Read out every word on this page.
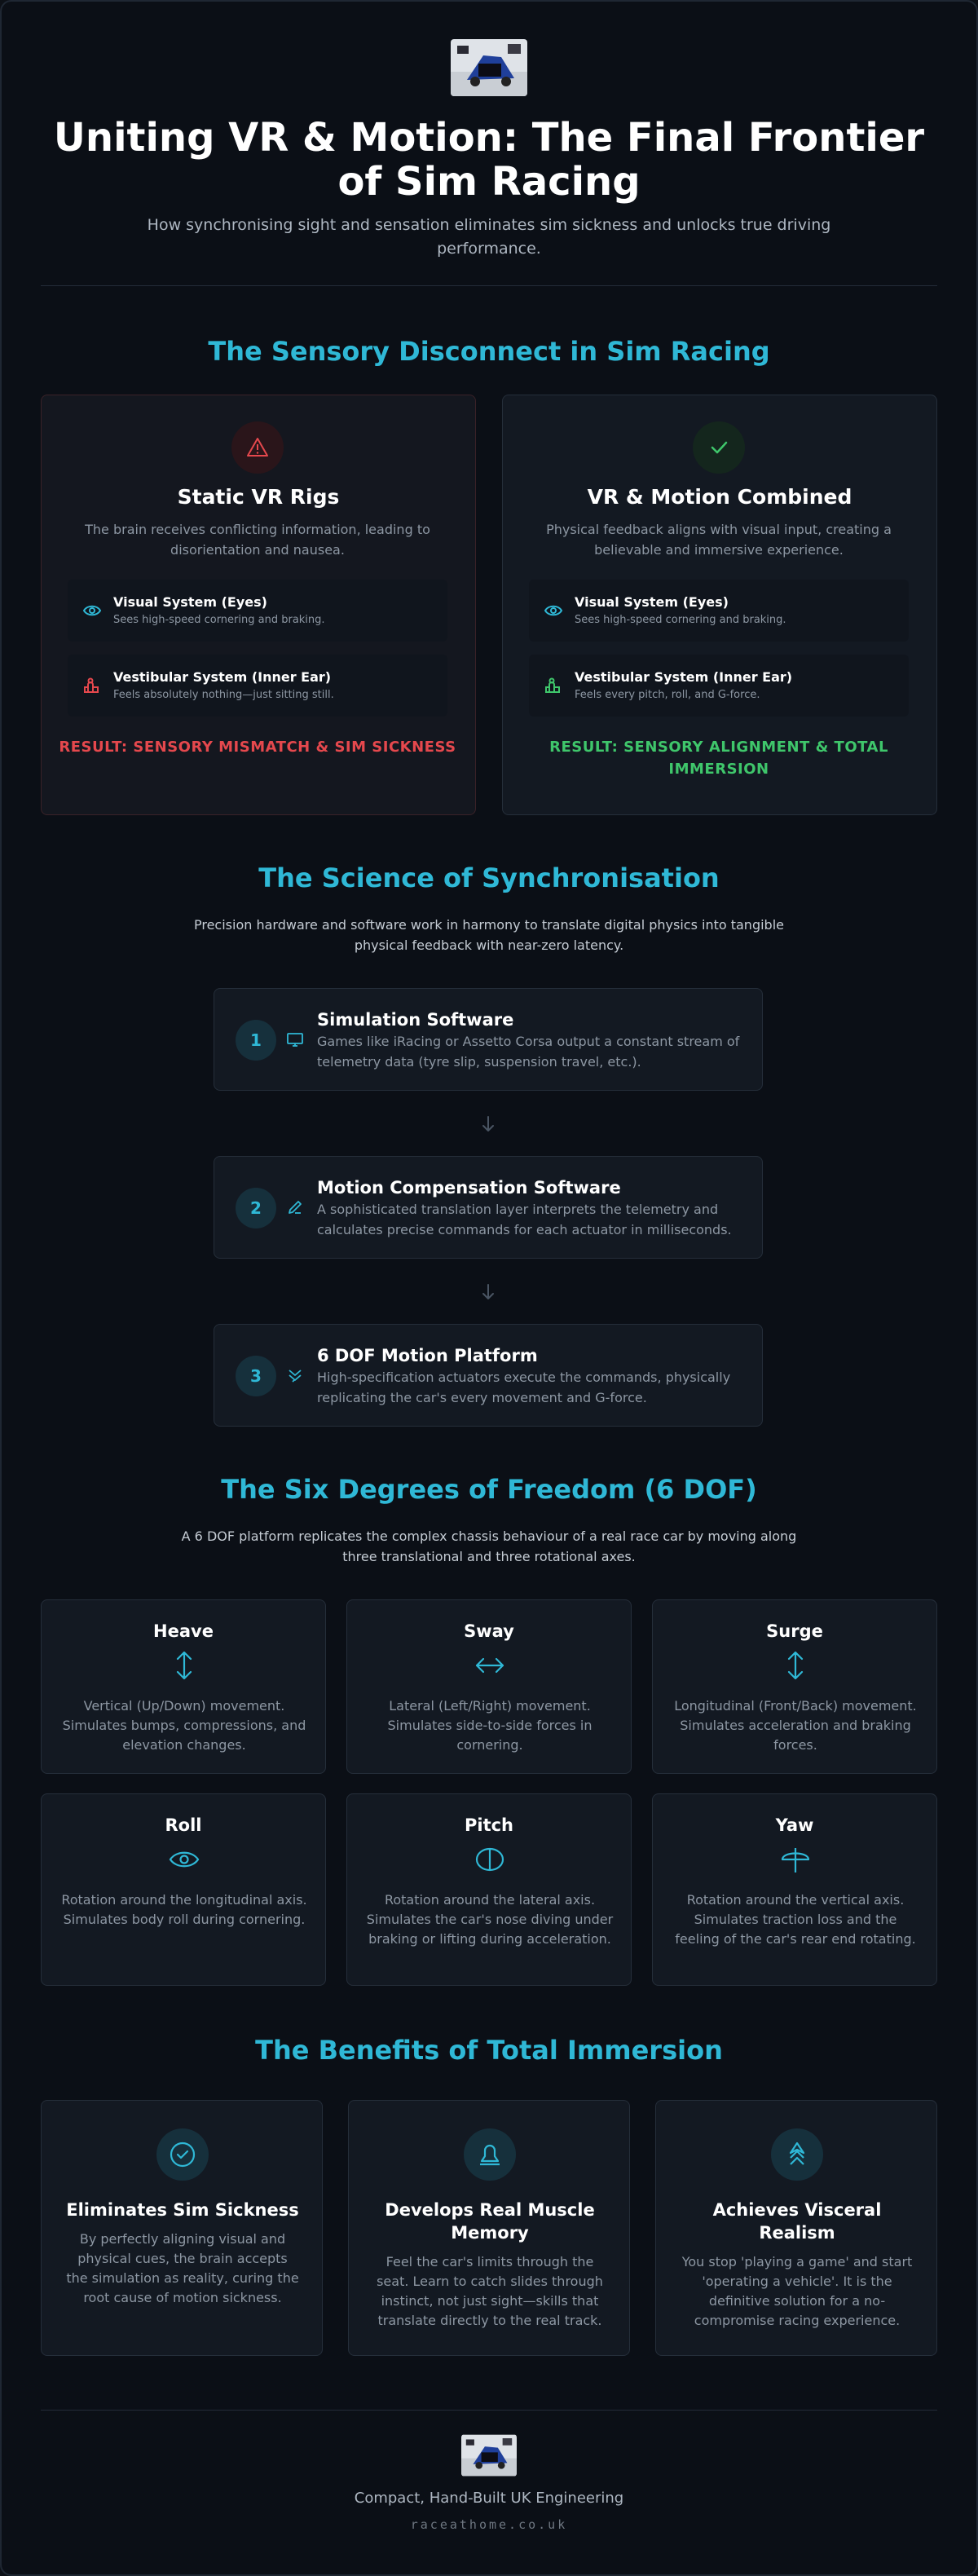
Uniting VR & Motion: The Final Frontier of Sim Racing
How synchronising sight and sensation eliminates sim sickness and unlocks true driving performance.
The Sensory Disconnect in Sim Racing
Static VR Rigs
The brain receives conflicting information, leading to disorientation and nausea.
Visual System (Eyes)
Sees high-speed cornering and braking.
Vestibular System (Inner Ear)
Feels absolutely nothing—just sitting still.
RESULT: SENSORY MISMATCH & SIM SICKNESS
VR & Motion Combined
Physical feedback aligns with visual input, creating a believable and immersive experience.
Visual System (Eyes)
Sees high-speed cornering and braking.
Vestibular System (Inner Ear)
Feels every pitch, roll, and G-force.
RESULT: SENSORY ALIGNMENT & TOTAL IMMERSION
The Science of Synchronisation
Precision hardware and software work in harmony to translate digital physics into tangible physical feedback with near-zero latency.
1
Simulation Software
Games like iRacing or Assetto Corsa output a constant stream of telemetry data (tyre slip, suspension travel, etc.).
2
Motion Compensation Software
A sophisticated translation layer interprets the telemetry and calculates precise commands for each actuator in milliseconds.
3
6 DOF Motion Platform
High-specification actuators execute the commands, physically replicating the car's every movement and G-force.
The Six Degrees of Freedom (6 DOF)
A 6 DOF platform replicates the complex chassis behaviour of a real race car by moving along three translational and three rotational axes.
Heave
Vertical (Up/Down) movement. Simulates bumps, compressions, and elevation changes.
Sway
Lateral (Left/Right) movement. Simulates side-to-side forces in cornering.
Surge
Longitudinal (Front/Back) movement. Simulates acceleration and braking forces.
Roll
Rotation around the longitudinal axis. Simulates body roll during cornering.
Pitch
Rotation around the lateral axis. Simulates the car's nose diving under braking or lifting during acceleration.
Yaw
Rotation around the vertical axis. Simulates traction loss and the feeling of the car's rear end rotating.
The Benefits of Total Immersion
Eliminates Sim Sickness
By perfectly aligning visual and physical cues, the brain accepts the simulation as reality, curing the root cause of motion sickness.
Develops Real Muscle Memory
Feel the car's limits through the seat. Learn to catch slides through instinct, not just sight—skills that translate directly to the real track.
Achieves Visceral Realism
You stop 'playing a game' and start 'operating a vehicle'. It is the definitive solution for a no-compromise racing experience.
Compact, Hand-Built UK Engineering
raceathome.co.uk
